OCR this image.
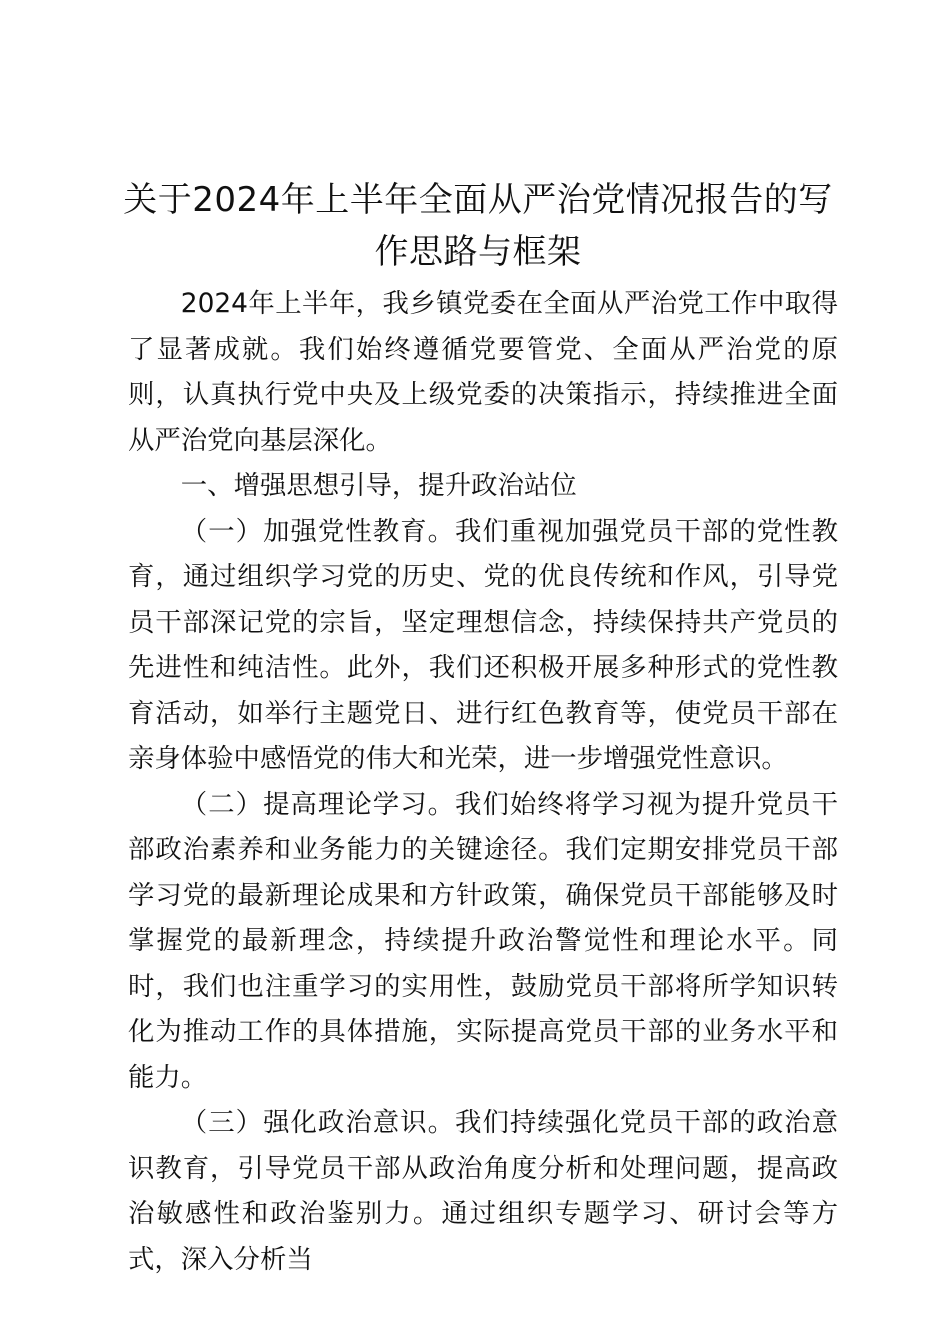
关于2024年上半年全面从严治党情况报告的写作思路与框架

2024年上半年，我乡镇党委在全面从严治党工作中取得了显著成就。我们始终遵循党要管党、全面从严治党的原则，认真执行党中央及上级党委的决策指示，持续推进全面从严治党向基层深化。

一、增强思想引导，提升政治站位

（一）加强党性教育。我们重视加强党员干部的党性教育，通过组织学习党的历史、党的优良传统和作风，引导党员干部深记党的宗旨，坚定理想信念，持续保持共产党员的先进性和纯洁性。此外，我们还积极开展多种形式的党性教育活动，如举行主题党日、进行红色教育等，使党员干部在亲身体验中感悟党的伟大和光荣，进一步增强党性意识。

（二）提高理论学习。我们始终将学习视为提升党员干部政治素养和业务能力的关键途径。我们定期安排党员干部学习党的最新理论成果和方针政策，确保党员干部能够及时掌握党的最新理念，持续提升政治警觉性和理论水平。同时，我们也注重学习的实用性，鼓励党员干部将所学知识转化为推动工作的具体措施，实际提高党员干部的业务水平和能力。

（三）强化政治意识。我们持续强化党员干部的政治意识教育，引导党员干部从政治角度分析和处理问题，提高政治敏感性和政治鉴别力。通过组织专题学习、研讨会等方式，深入分析当
